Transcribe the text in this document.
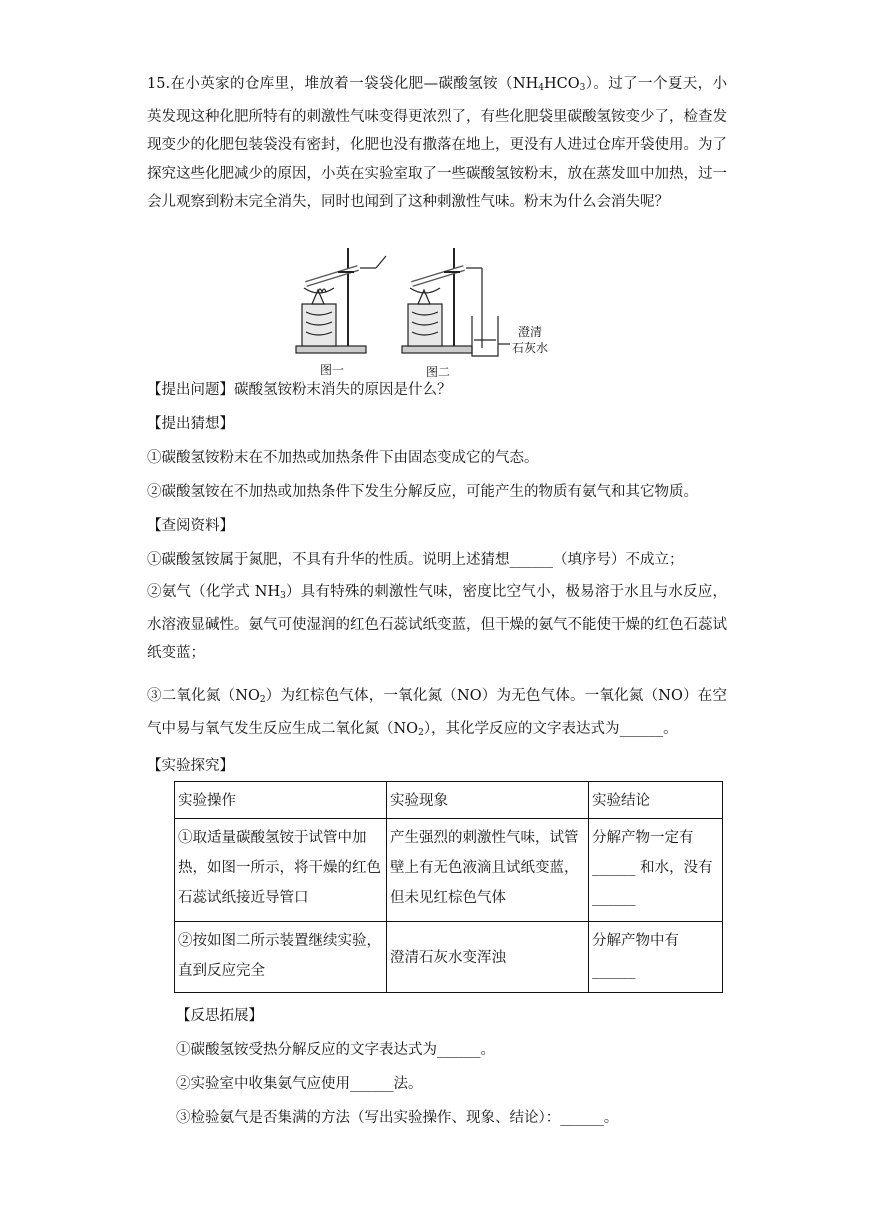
15.在小英家的仓库里，堆放着一袋袋化肥—碳酸氢铵$(NH_4HCO_3)$。过了一个夏天，小英发现这种化肥所特有的刺激性气味变得更浓烈了，有些化肥袋里碳酸氢铵变少了，检查发现变少的化肥包装袋没有密封，化肥也没有撒落在地上，更没有人进过仓库开袋使用。为了探究这些化肥减少的原因，小英在实验室取了一些碳酸氢铵粉末，放在蒸发皿中加热，过一会儿观察到粉末完全消失，同时也闻到了这种刺激性气味。粉末为什么会消失呢？

澄清
石灰水
图一	图二

【提出问题】碳酸氢铵粉末消失的原因是什么？

【提出猜想】

①碳酸氢铵粉末在不加热或加热条件下由固态变成它的气态。

②碳酸氢铵在不加热或加热条件下发生分解反应，可能产生的物质有氨气和其它物质。

【查阅资料】

①碳酸氢铵属于氮肥，不具有升华的性质。说明上述猜想______（填序号）不成立；

②氨气（化学式 $NH_3$）具有特殊的刺激性气味，密度比空气小，极易溶于水且与水反应，水溶液显碱性。氨气可使湿润的红色石蕊试纸变蓝，但干燥的氨气不能使干燥的红色石蕊试纸变蓝；

③二氧化氮$(NO_2)$为红棕色气体，一氧化氮（NO）为无色气体。一氧化氮（NO）在空气中易与氧气发生反应生成二氧化氮$(NO_2)$，其化学反应的文字表达式为______。

【实验探究】

实验操作	实验现象	实验结论
①取适量碳酸氢铵于试管中加热，如图一所示，将干燥的红色石蕊试纸接近导管口	产生强烈的刺激性气味，试管壁上有无色液滴且试纸变蓝，但未见红棕色气体	分解产物一定有
______ 和水，没有
______
②按如图二所示装置继续实验，直到反应完全	澄清石灰水变浑浊	分解产物中有
______

【反思拓展】

①碳酸氢铵受热分解反应的文字表达式为______。

②实验室中收集氨气应使用______法。

③检验氨气是否集满的方法（写出实验操作、现象、结论）：______。
